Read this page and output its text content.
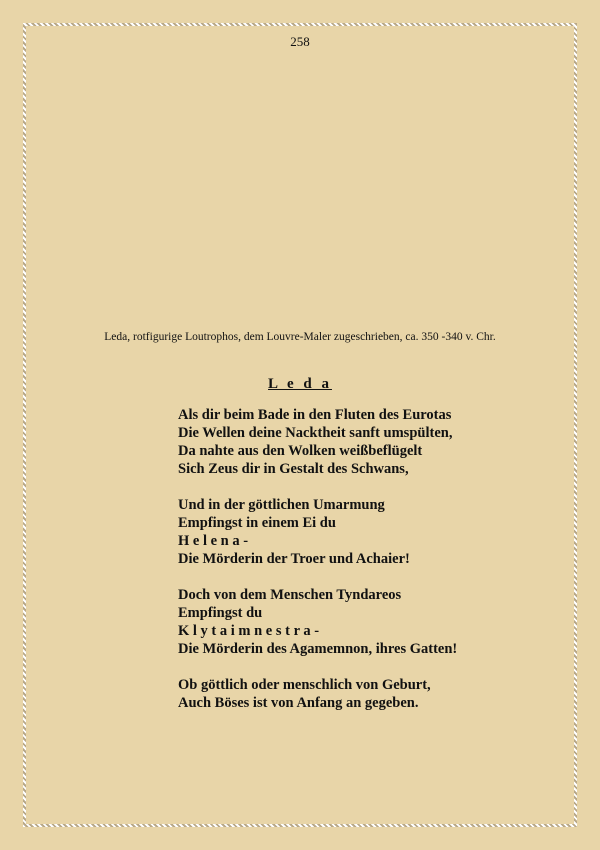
258
Leda, rotfigurige Loutrophos, dem Louvre-Maler zugeschrieben, ca. 350 -340 v. Chr.
L e d a
Als dir beim Bade in den Fluten des Eurotas
Die Wellen deine Nacktheit sanft umspülten,
Da nahte aus den Wolken weißbeflügelt
Sich Zeus dir in Gestalt des Schwans,
Und in der göttlichen Umarmung
Empfingst in einem Ei du
H e l e n a -
Die Mörderin der Troer und Achaier!
Doch von dem Menschen Tyndareos
Empfingst du
K l y t a i m n e s t r a -
Die Mörderin des Agamemnon, ihres Gatten!
Ob göttlich oder menschlich von Geburt,
Auch Böses ist von Anfang an gegeben.
